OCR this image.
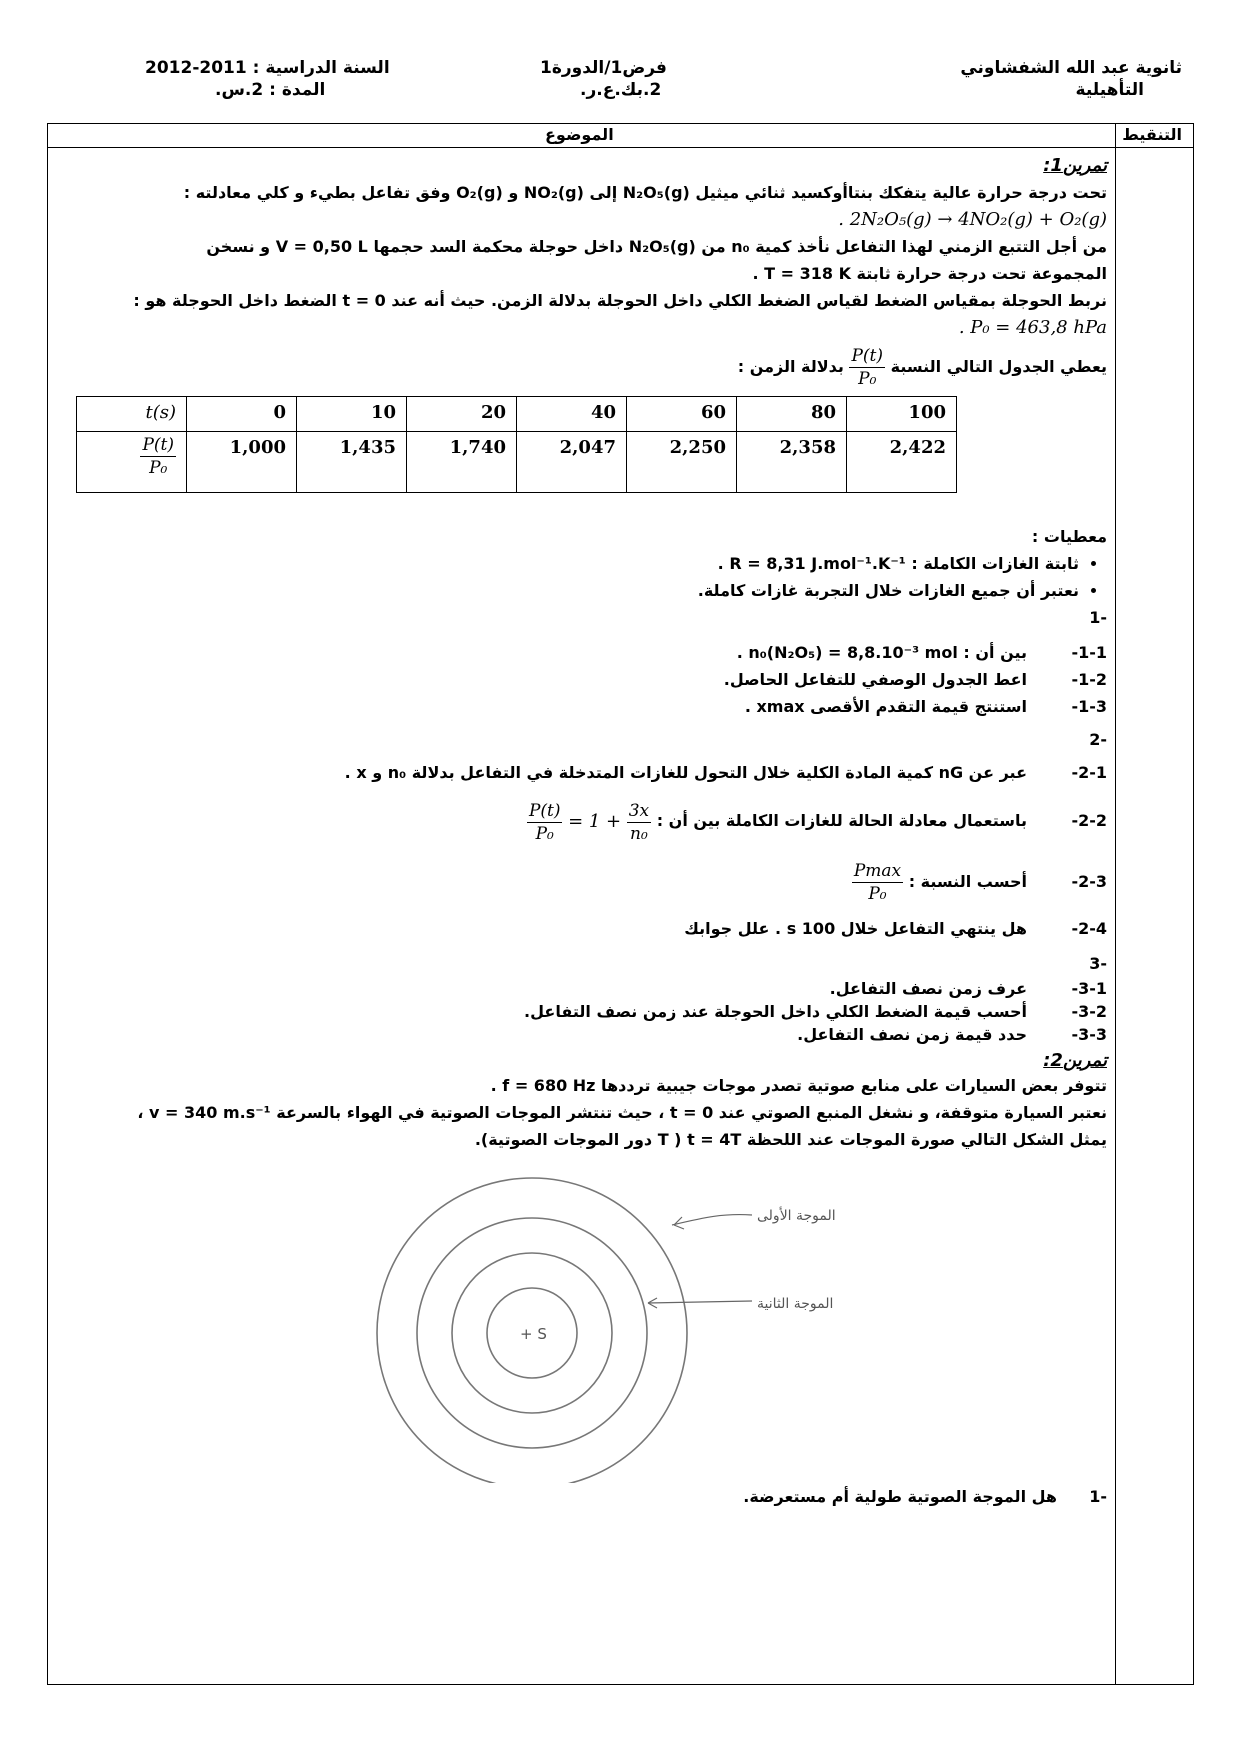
ثانوية عبد الله الشفشاوني
التأهيلية
فرض1/الدورة1
2.بك.ع.ر.
السنة الدراسية : 2011-2012
المدة : 2.س.
التنقيط
الموضوع
تمرين1:
تحت درجة حرارة عالية يتفكك بنتاأوكسيد ثنائي ميثيل N₂O₅(g) إلى NO₂(g) و O₂(g) وفق تفاعل بطيء و كلي معادلته :
. 2N₂O₅(g) → 4NO₂(g) + O₂(g)
من أجل التتبع الزمني لهذا التفاعل نأخذ كمية n₀ من N₂O₅(g) داخل حوجلة محكمة السد حجمها V = 0,50 L و نسخن
المجموعة تحت درجة حرارة ثابتة T = 318 K .
نربط الحوجلة بمقياس الضغط لقياس الضغط الكلي داخل الحوجلة بدلالة الزمن. حيث أنه عند t = 0 الضغط داخل الحوجلة هو :
. P₀ = 463,8 hPa
يعطي الجدول التالي النسبة
$\frac{P(t)}{\text{P₀}}$
بدلالة الزمن :
t(s)	0	10	20	40	60	80	100

$\frac{P(t)}{\text{P₀}}$	1,000	1,435	1,740	2,047	2,250	2,358	2,422
معطيات :
• ثابتة الغازات الكاملة : R = 8,31 J.mol⁻¹.K⁻¹ .
• نعتبر أن جميع الغازات خلال التجربة غازات كاملة.
-1
1-1-
بين أن : n₀(N₂O₅) = 8,8.10⁻³ mol .
1-2-
اعط الجدول الوصفي للتفاعل الحاصل.
1-3-
استنتج قيمة التقدم الأقصى xmax .
-2
2-1-
عبر عن nG كمية المادة الكلية خلال التحول للغازات المتدخلة في التفاعل بدلالة n₀ و x .
2-2-
باستعمال معادلة الحالة للغازات الكاملة بين أن :
$\frac{P(t)}{\text{P₀}} = 1 + \frac{3x}{\text{n₀}}$
2-3-
أحسب النسبة :
$\frac{Pmax}{\text{P₀}}$
2-4-
هل ينتهي التفاعل خلال 100 s . علل جوابك
-3
3-1-
عرف زمن نصف التفاعل.
3-2-
أحسب قيمة الضغط الكلي داخل الحوجلة عند زمن نصف التفاعل.
3-3-
حدد قيمة زمن نصف التفاعل.
تمرين2:
تتوفر بعض السيارات على منابع صوتية تصدر موجات جيبية ترددها f = 680 Hz .
نعتبر السيارة متوقفة، و نشغل المنبع الصوتي عند t = 0 ، حيث تنتشر الموجات الصوتية في الهواء بالسرعة v = 340 m.s⁻¹ ،
يمثل الشكل التالي صورة الموجات عند اللحظة t = 4T ( T دور الموجات الصوتية).
الموجة الأولى
الموجة الثانية
+ S
-1
هل الموجة الصوتية طولية أم مستعرضة.
